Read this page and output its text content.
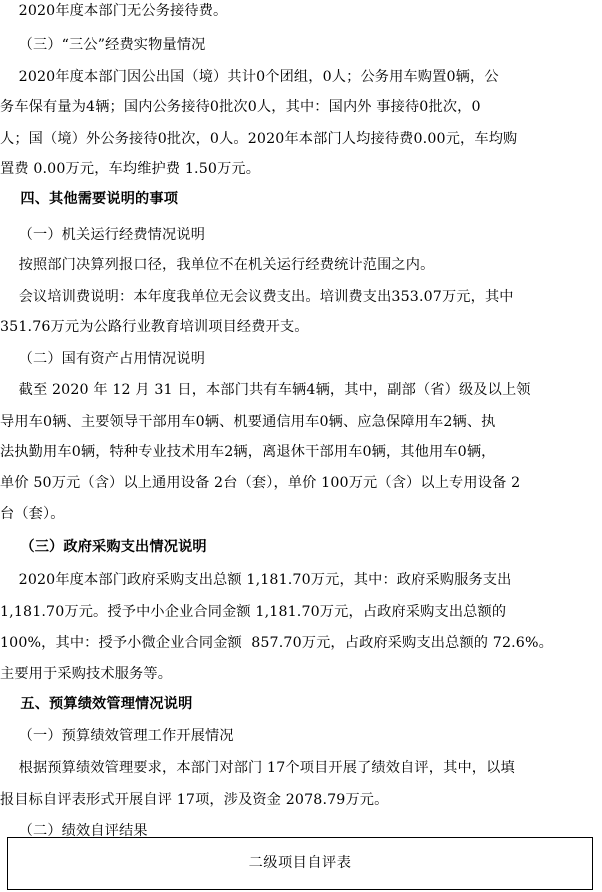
2020年度本部门无公务接待费。
（三）“三公”经费实物量情况
2020年度本部门因公出国（境）共计0个团组，0人；公务用车购置0辆，公
务车保有量为4辆；国内公务接待0批次0人，其中：国内外 事接待0批次，0
人；国（境）外公务接待0批次，0人。2020年本部门人均接待费0.00元，车均购
置费 0.00万元，车均维护费 1.50万元。
四、其他需要说明的事项
（一）机关运行经费情况说明
按照部门决算列报口径，我单位不在机关运行经费统计范围之内。
会议培训费说明：本年度我单位无会议费支出。培训费支出353.07万元，其中
351.76万元为公路行业教育培训项目经费开支。
（二）国有资产占用情况说明
截至 2020 年 12 月 31 日，本部门共有车辆4辆，其中，副部（省）级及以上领
导用车0辆、主要领导干部用车0辆、机要通信用车0辆、应急保障用车2辆、执
法执勤用车0辆，特种专业技术用车2辆，离退休干部用车0辆，其他用车0辆，
单价 50万元（含）以上通用设备 2台（套），单价 100万元（含）以上专用设备 2
台（套）。
（三）政府采购支出情况说明
2020年度本部门政府采购支出总额 1,181.70万元，其中：政府采购服务支出
1,181.70万元。授予中小企业合同金额 1,181.70万元，占政府采购支出总额的
100%，其中：授予小微企业合同金额  857.70万元，占政府采购支出总额的 72.6%。
主要用于采购技术服务等。
五、预算绩效管理情况说明
（一）预算绩效管理工作开展情况
根据预算绩效管理要求，本部门对部门 17个项目开展了绩效自评，其中，以填
报目标自评表形式开展自评 17项，涉及资金 2078.79万元。
（二）绩效自评结果
二级项目自评表
